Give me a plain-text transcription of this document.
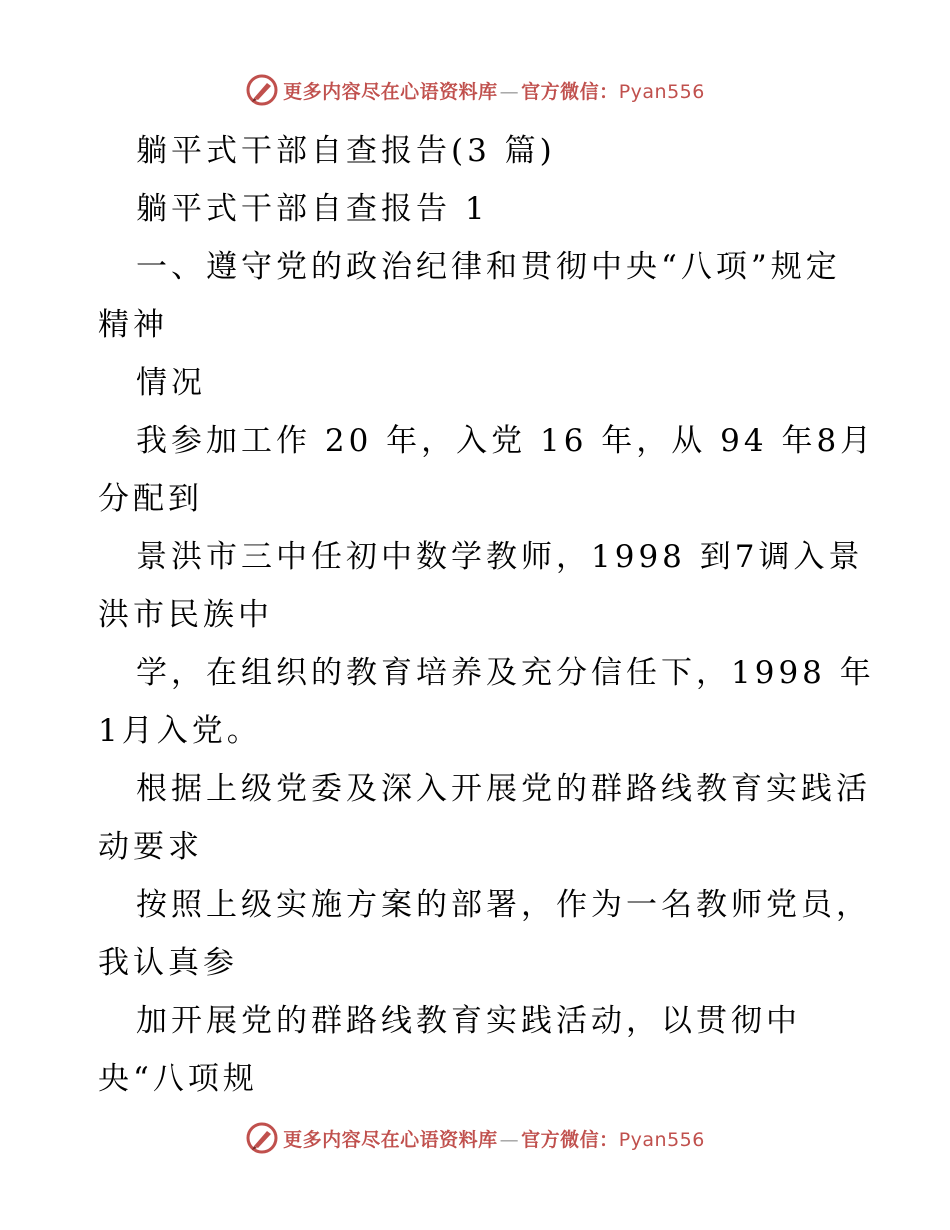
更多内容尽在心语资料库 — 官方微信：Pyan556
躺平式干部自查报告(3 篇)
躺平式干部自查报告 1
一、遵守党的政治纪律和贯彻中央“八项”规定
精神
情况
我参加工作 20 年，入党 16 年，从 94 年8月
分配到
景洪市三中任初中数学教师，1998 到7调入景
洪市民族中
学，在组织的教育培养及充分信任下，1998 年
1月入党。
根据上级党委及深入开展党的群路线教育实践活
动要求
按照上级实施方案的部署，作为一名教师党员，
我认真参
加开展党的群路线教育实践活动，以贯彻中
央“八项规
更多内容尽在心语资料库 — 官方微信：Pyan556
